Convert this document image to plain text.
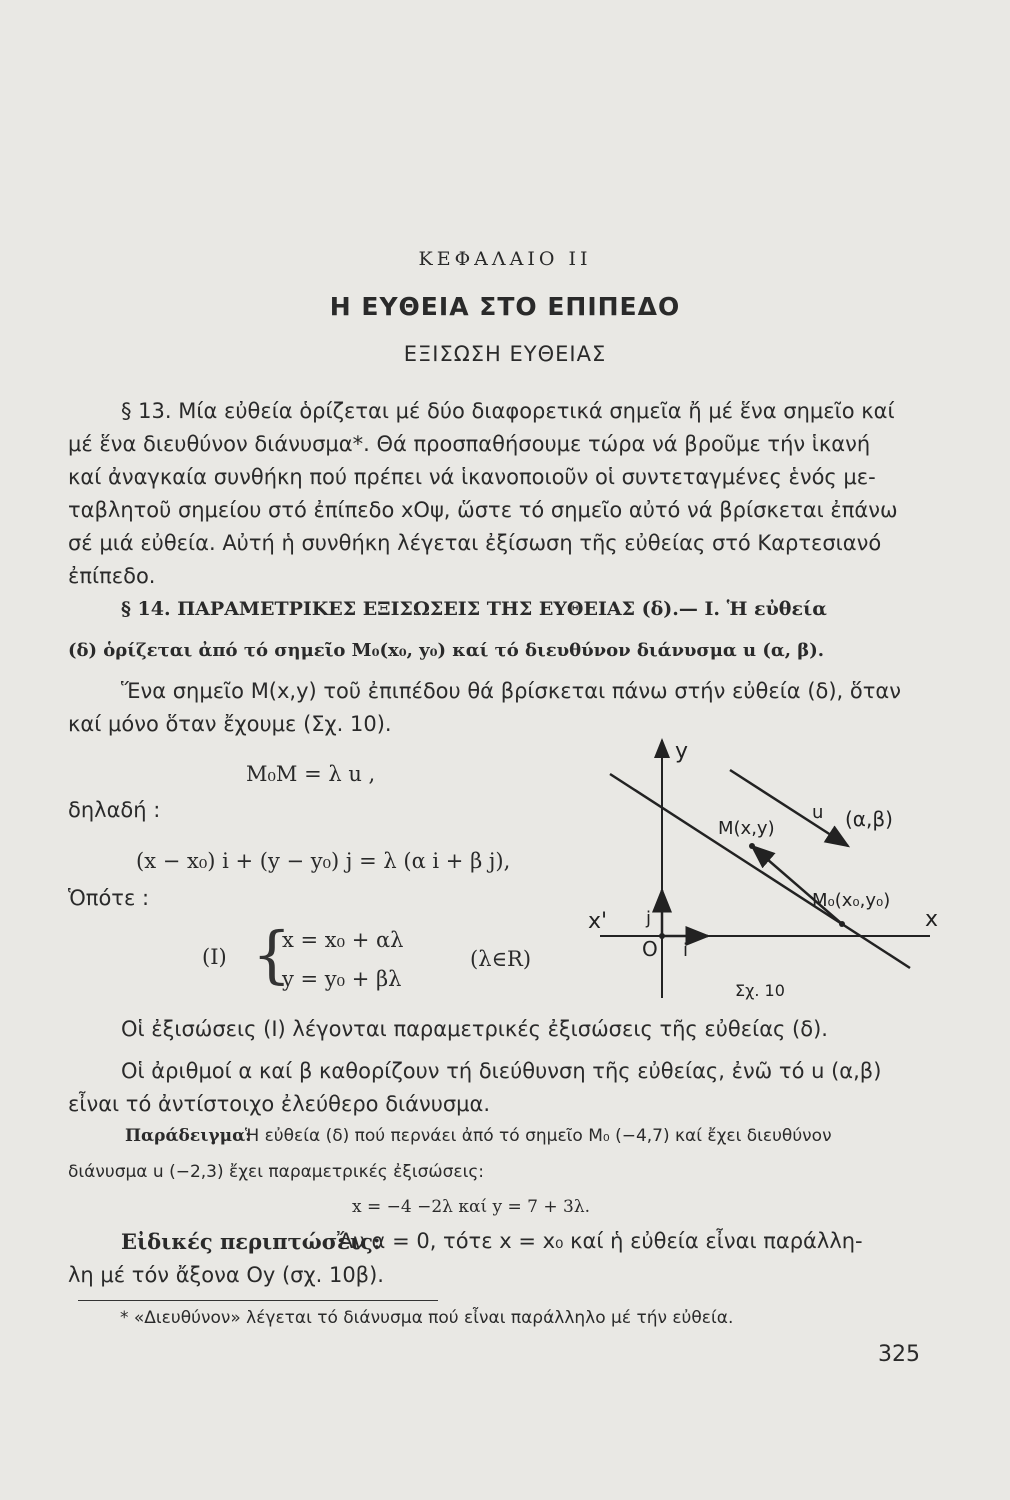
ΚΕΦΑΛΑΙΟ II
Η ΕΥΘΕΙΑ ΣΤΟ ΕΠΙΠΕΔΟ
ΕΞΙΣΩΣΗ ΕΥΘΕΙΑΣ
§ 13. Μία εὐθεία ὁρίζεται μέ δύο διαφορετικά σημεῖα ἤ μέ ἕνα σημεῖο καί
μέ ἕνα διευθύνον διάνυσμα*. Θά προσπαθήσουμε τώρα νά βροῦμε τήν ἱκανή
καί ἀναγκαία συνθήκη πού πρέπει νά ἱκανοποιοῦν οἱ συντεταγμένες ἑνός με-
ταβλητοῦ σημείου στό ἐπίπεδο xOψ, ὥστε τό σημεῖο αὐτό νά βρίσκεται ἐπάνω
σέ μιά εὐθεία. Αὐτή ἡ συνθήκη λέγεται ἐξίσωση τῆς εὐθείας στό Καρτεσιανό
ἐπίπεδο.
§ 14. ΠΑΡΑΜΕΤΡΙΚΕΣ ΕΞΙΣΩΣΕΙΣ ΤΗΣ ΕΥΘΕΙΑΣ (δ).— I. Ἡ εὐθεία
(δ) ὁρίζεται ἀπό τό σημεῖο M₀(x₀, y₀) καί τό διευθύνον διάνυσμα u (α, β).
Ἕνα σημεῖο M(x,y) τοῦ ἐπιπέδου θά βρίσκεται πάνω στήν εὐθεία (δ), ὅταν
καί μόνο ὅταν ἔχουμε (Σχ. 10).
M₀M = λ u ,
δηλαδή :
(x − x₀) i + (y − y₀) j = λ (α i + β j),
Ὁπότε :
(I) {
x = x₀ + αλ
y = y₀ + βλ
(λ∈R)
Οἱ ἐξισώσεις (I) λέγονται παραμετρικές ἐξισώσεις τῆς εὐθείας (δ).
Οἱ ἀριθμοί α καί β καθορίζουν τή διεύθυνση τῆς εὐθείας, ἐνῶ τό u (α,β)
εἶναι τό ἀντίστοιχο ἐλεύθερο διάνυσμα.
Παράδειγμα:
Ἡ εὐθεία (δ) πού περνάει ἀπό τό σημεῖο M₀ (−4,7) καί ἔχει διευθύνον
διάνυσμα u (−2,3) ἔχει παραμετρικές ἐξισώσεις:
x = −4 −2λ καί y = 7 + 3λ.
Εἰδικές περιπτώσεις:
Ἄν α = 0, τότε x = x₀ καί ἡ εὐθεία εἶναι παράλλη-
λη μέ τόν ἄξονα Oy (σχ. 10β).
* «Διευθύνον» λέγεται τό διάνυσμα πού εἶναι παράλληλο μέ τήν εὐθεία.
325
y
x
x'
O i
j
u (α,β)
M(x,y)
M₀(x₀,y₀)
Σχ. 10
